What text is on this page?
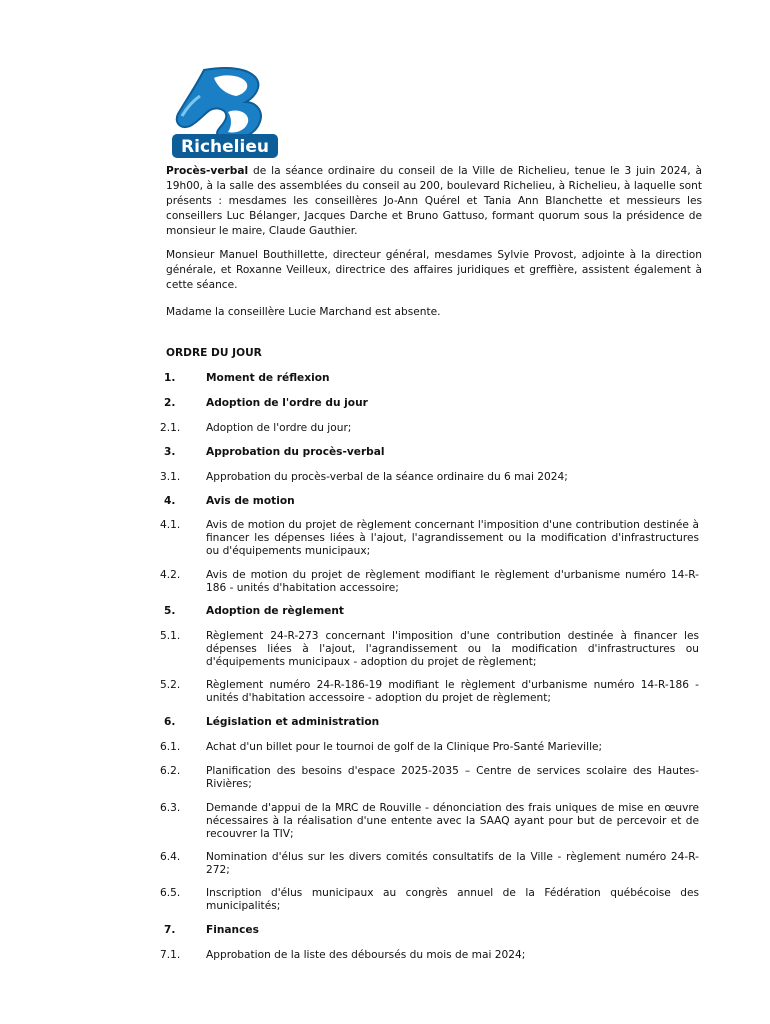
Richelieu
Procès-verbal de la séance ordinaire du conseil de la Ville de Richelieu, tenue le 3 juin 2024, à 19h00, à la salle des assemblées du conseil au 200, boulevard Richelieu, à Richelieu, à laquelle sont présents : mesdames les conseillères Jo-Ann Quérel et Tania Ann Blanchette et messieurs les conseillers Luc Bélanger, Jacques Darche et Bruno Gattuso, formant quorum sous la présidence de monsieur le maire, Claude Gauthier.
Monsieur Manuel Bouthillette, directeur général, mesdames Sylvie Provost, adjointe à la direction générale, et Roxanne Veilleux, directrice des affaires juridiques et greffière, assistent également à cette séance.
Madame la conseillère Lucie Marchand est absente.
ORDRE DU JOUR
1.	Moment de réflexion
2.	Adoption de l'ordre du jour
2.1.	Adoption de l'ordre du jour;
3.	Approbation du procès-verbal
3.1.	Approbation du procès-verbal de la séance ordinaire du 6 mai 2024;
4.	Avis de motion
4.1.	Avis de motion du projet de règlement concernant l'imposition d'une contribution destinée à financer les dépenses liées à l'ajout, l'agrandissement ou la modification d'infrastructures ou d'équipements municipaux;
4.2.	Avis de motion du projet de règlement modifiant le règlement d'urbanisme numéro 14-R-186 - unités d'habitation accessoire;
5.	Adoption de règlement
5.1.	Règlement 24-R-273 concernant l'imposition d'une contribution destinée à financer les dépenses liées à l'ajout, l'agrandissement ou la modification d'infrastructures ou d'équipements municipaux - adoption du projet de règlement;
5.2.	Règlement numéro 24-R-186-19 modifiant le règlement d'urbanisme numéro 14-R-186 - unités d'habitation accessoire - adoption du projet de règlement;
6.	Législation et administration
6.1.	Achat d'un billet pour le tournoi de golf de la Clinique Pro-Santé Marieville;
6.2.	Planification des besoins d'espace 2025-2035 – Centre de services scolaire des Hautes-Rivières;
6.3.	Demande d'appui de la MRC de Rouville - dénonciation des frais uniques de mise en œuvre nécessaires à la réalisation d'une entente avec la SAAQ ayant pour but de percevoir et de recouvrer la TIV;
6.4.	Nomination d'élus sur les divers comités consultatifs de la Ville - règlement numéro 24-R-272;
6.5.	Inscription d'élus municipaux au congrès annuel de la Fédération québécoise des municipalités;
7.	Finances
7.1.	Approbation de la liste des déboursés du mois de mai 2024;
